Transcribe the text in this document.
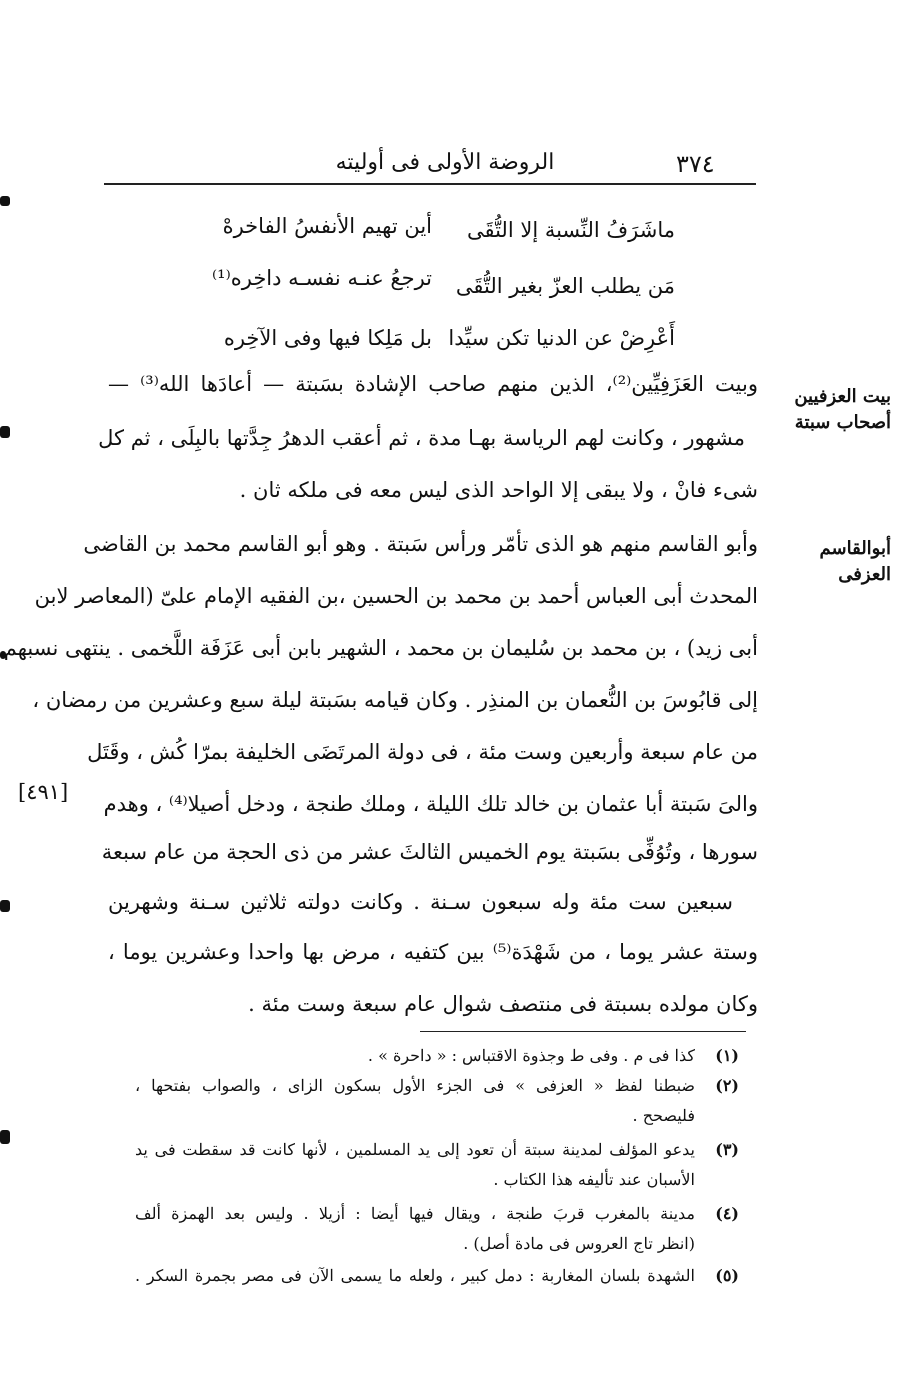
٣٧٤
الروضة الأولى فى أوليته
ماشَرَفُ النِّسبة إلا التُّقَى
أين تهيم الأنفسُ الفاخرهْ
مَن يطلب العزّ بغير التُّقَى
ترجعُ عنـه نفسـه داخِره⁽¹⁾
أَعْرِضْ عن الدنيا تكن سيِّدا
بل مَلِكا فيها وفى الآخِره
بيت العزفيين
أصحاب سبتة
أبوالقاسم العزفى
[٤٩١]
وبيت العَزَفِيِّين⁽²⁾، الذين منهم صاحب الإشادة بسَبتة — أعادَها الله⁽³⁾ —
مشهور ، وكانت لهم الرياسة بهـا مدة ، ثم أعقب الدهرُ جِدَّتها بالبِلَى ، ثم كل
شىء فانْ ، ولا يبقى إلا الواحد الذى ليس معه فى ملكه ثان .
وأبو القاسم منهم هو الذى تأمّر ورأس سَبتة . وهو أبو القاسم محمد بن القاضى
المحدث أبى العباس أحمد بن محمد بن الحسين ،بن الفقيه الإمام علىّ (المعاصر لابن
أبى زيد) ، بن محمد بن سُليمان بن محمد ، الشهير بابن أبى عَزَفَة اللَّخمى . ينتهى نسبهم
إلى قابُوسَ بن النُّعمان بن المنذِر . وكان قيامه بسَبتة ليلة سبع وعشرين من رمضان ،
من عام سبعة وأربعين وست مئة ، فى دولة المرتَضَى الخليفة بمرّا كُش ، وقَتَل
والىَ سَبتة أبا عثمان بن خالد تلك الليلة ، وملك طنجة ، ودخل أصيلا⁽⁴⁾ ، وهدم
سورها ، وتُوُفِّى بسَبتة يوم الخميس الثالثَ عشر من ذى الحجة من عام سبعة
سبعين ست مئة وله سبعون سـنة . وكانت دولته ثلاثين سـنة وشهرين
وستة عشر يوما ، من شَهْدَة⁽⁵⁾ بين كتفيه ، مرض بها واحدا وعشرين يوما ،
وكان مولده بسبتة فى منتصف شوال عام سبعة وست مئة .
(١)
كذا فى م . وفى ط وجذوة الاقتباس : « داحرة » .
(٢)
ضبطنا لفظ « العزفى » فى الجزء الأول بسكون الزاى ، والصواب بفتحها ،
فليصحح .
(٣)
يدعو المؤلف لمدينة سبتة أن تعود إلى يد المسلمين ، لأنها كانت قد سقطت فى يد
الأسبان عند تأليفه هذا الكتاب .
(٤)
مدينة بالمغرب قربَ طنجة ، ويقال فيها أيضا : أزيلا . وليس بعد الهمزة ألف
(انظر تاج العروس فى مادة أصل) .
(٥)
الشهدة بلسان المغاربة : دمل كبير ، ولعله ما يسمى الآن فى مصر بجمرة السكر .
